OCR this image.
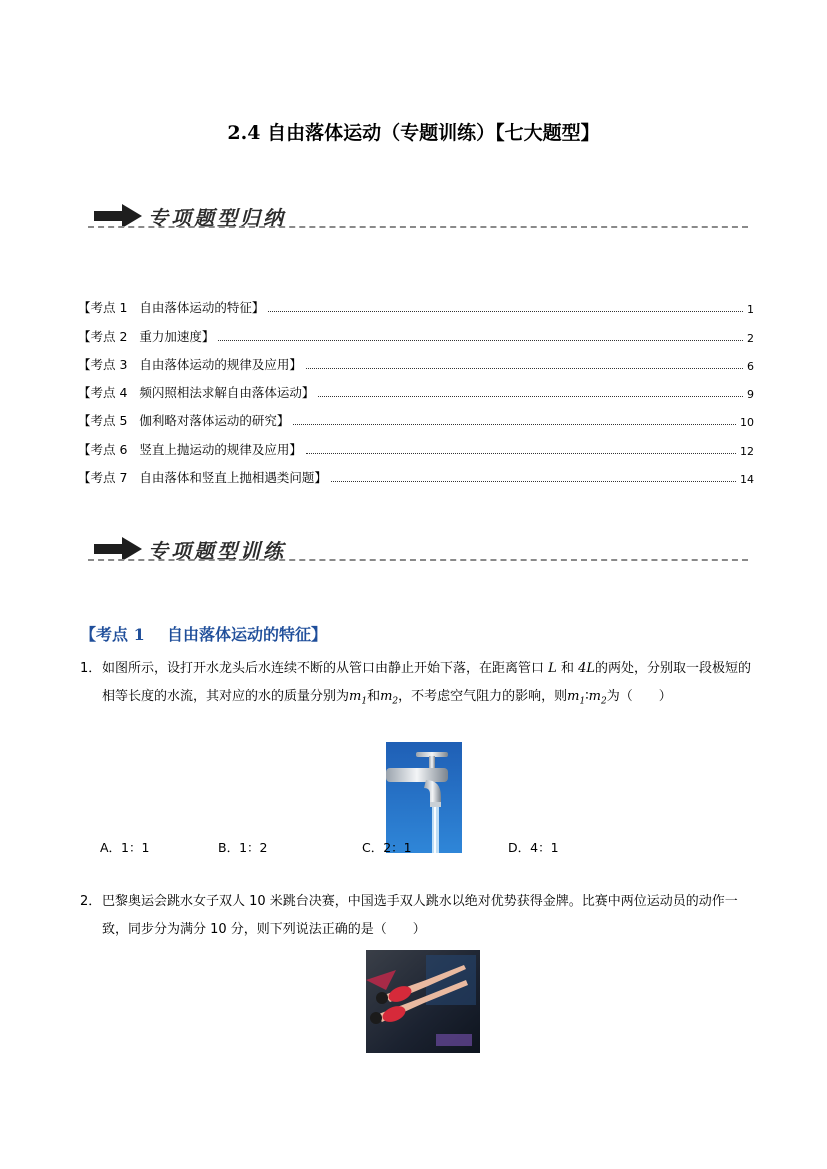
2.4 自由落体运动（专题训练）【七大题型】
专项题型归纳
【考点 1   自由落体运动的特征】	1
【考点 2   重力加速度】	2
【考点 3   自由落体运动的规律及应用】	6
【考点 4   频闪照相法求解自由落体运动】	9
【考点 5   伽利略对落体运动的研究】	10
【考点 6   竖直上抛运动的规律及应用】	12
【考点 7   自由落体和竖直上抛相遇类问题】	14
专项题型训练
【考点 1    自由落体运动的特征】
1． 如图所示，设打开水龙头后水连续不断的从管口由静止开始下落，在距离管口 L 和 4L的两处，分别取一段极短的相等长度的水流，其对应的水的质量分别为$m_1$和$m_2$，不考虑空气阻力的影响，则$m_1∶m_2$为（　　）
A．1：1	B．1：2	C．2：1	D．4：1
2． 巴黎奥运会跳水女子双人 10 米跳台决赛，中国选手双人跳水以绝对优势获得金牌。比赛中两位运动员的动作一致，同步分为满分 10 分，则下列说法正确的是（　　）
